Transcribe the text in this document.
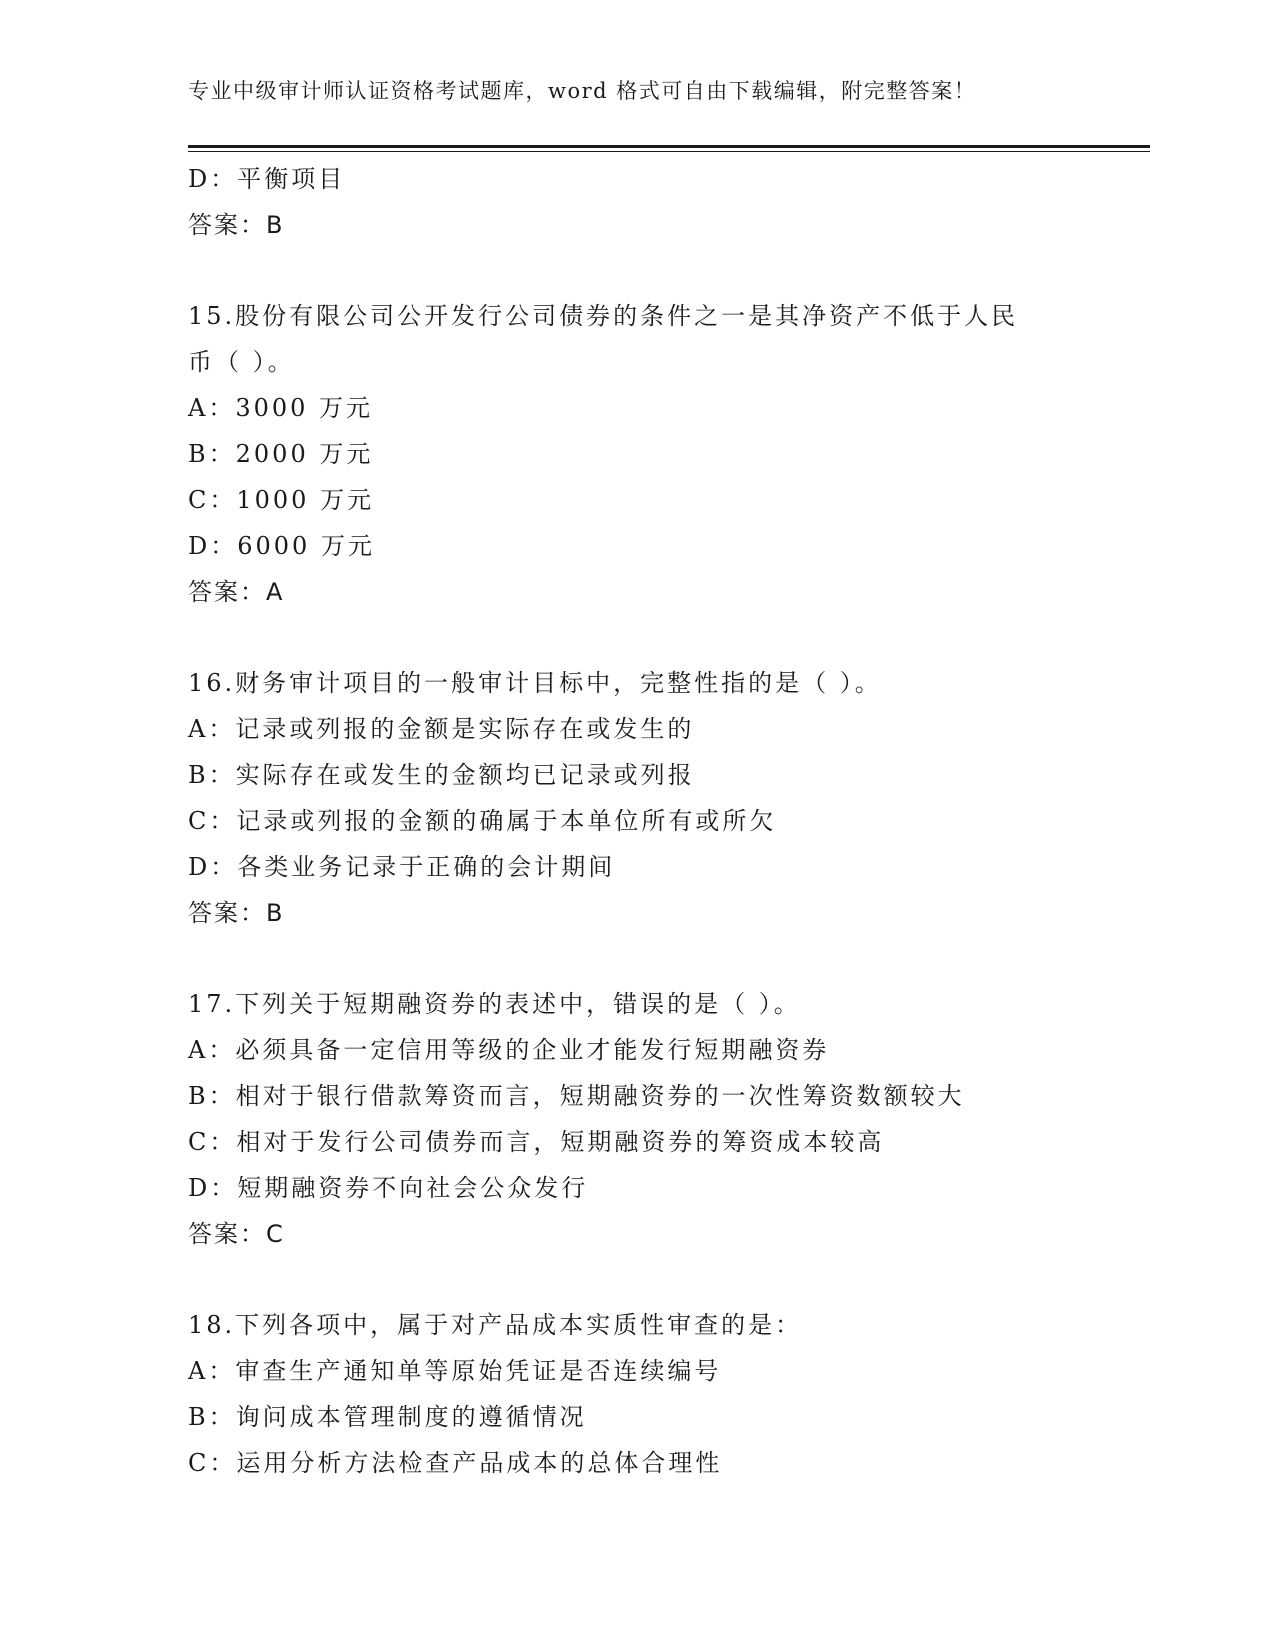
专业中级审计师认证资格考试题库，word 格式可自由下载编辑，附完整答案！
D：平衡项目
答案：B
15.股份有限公司公开发行公司债券的条件之一是其净资产不低于人民
币（ ）。
A：3000 万元
B：2000 万元
C：1000 万元
D：6000 万元
答案：A
16.财务审计项目的一般审计目标中，完整性指的是（ ）。
A：记录或列报的金额是实际存在或发生的
B：实际存在或发生的金额均已记录或列报
C：记录或列报的金额的确属于本单位所有或所欠
D：各类业务记录于正确的会计期间
答案：B
17.下列关于短期融资券的表述中，错误的是（ ）。
A：必须具备一定信用等级的企业才能发行短期融资券
B：相对于银行借款筹资而言，短期融资券的一次性筹资数额较大
C：相对于发行公司债券而言，短期融资券的筹资成本较高
D：短期融资券不向社会公众发行
答案：C
18.下列各项中，属于对产品成本实质性审查的是：
A：审查生产通知单等原始凭证是否连续编号
B：询问成本管理制度的遵循情况
C：运用分析方法检查产品成本的总体合理性
